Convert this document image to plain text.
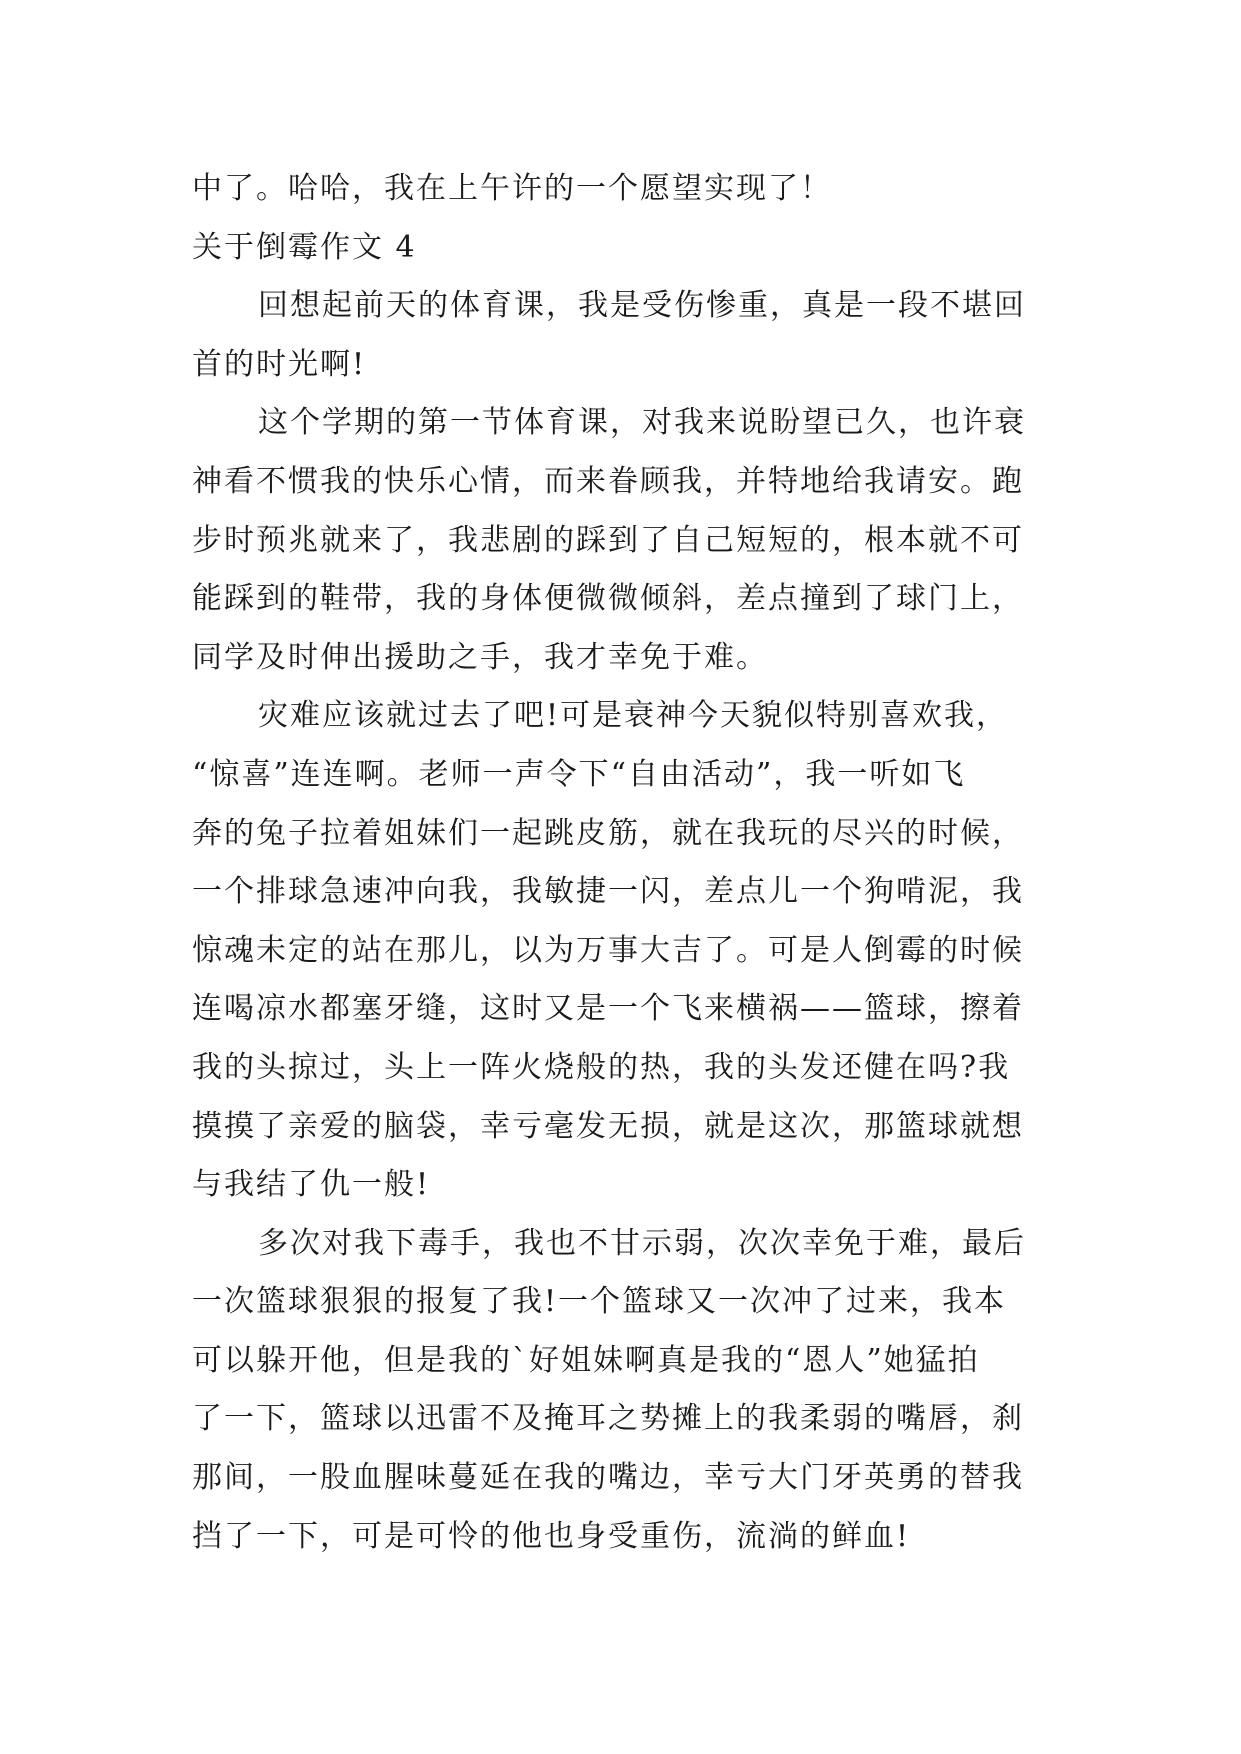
中了。哈哈，我在上午许的一个愿望实现了！
关于倒霉作文 4
回想起前天的体育课，我是受伤惨重，真是一段不堪回
首的时光啊!
这个学期的第一节体育课，对我来说盼望已久，也许衰
神看不惯我的快乐心情，而来眷顾我，并特地给我请安。跑
步时预兆就来了，我悲剧的踩到了自己短短的，根本就不可
能踩到的鞋带，我的身体便微微倾斜，差点撞到了球门上，
同学及时伸出援助之手，我才幸免于难。
灾难应该就过去了吧!可是衰神今天貌似特别喜欢我，
“惊喜”连连啊。老师一声令下“自由活动”，我一听如飞
奔的兔子拉着姐妹们一起跳皮筋，就在我玩的尽兴的时候，
一个排球急速冲向我，我敏捷一闪，差点儿一个狗啃泥，我
惊魂未定的站在那儿，以为万事大吉了。可是人倒霉的时候
连喝凉水都塞牙缝，这时又是一个飞来横祸——篮球，擦着
我的头掠过，头上一阵火烧般的热，我的头发还健在吗?我
摸摸了亲爱的脑袋，幸亏毫发无损，就是这次，那篮球就想
与我结了仇一般!
多次对我下毒手，我也不甘示弱，次次幸免于难，最后
一次篮球狠狠的报复了我!一个篮球又一次冲了过来，我本
可以躲开他，但是我的`好姐妹啊真是我的“恩人”她猛拍
了一下，篮球以迅雷不及掩耳之势摊上的我柔弱的嘴唇，刹
那间，一股血腥味蔓延在我的嘴边，幸亏大门牙英勇的替我
挡了一下，可是可怜的他也身受重伤，流淌的鲜血!
